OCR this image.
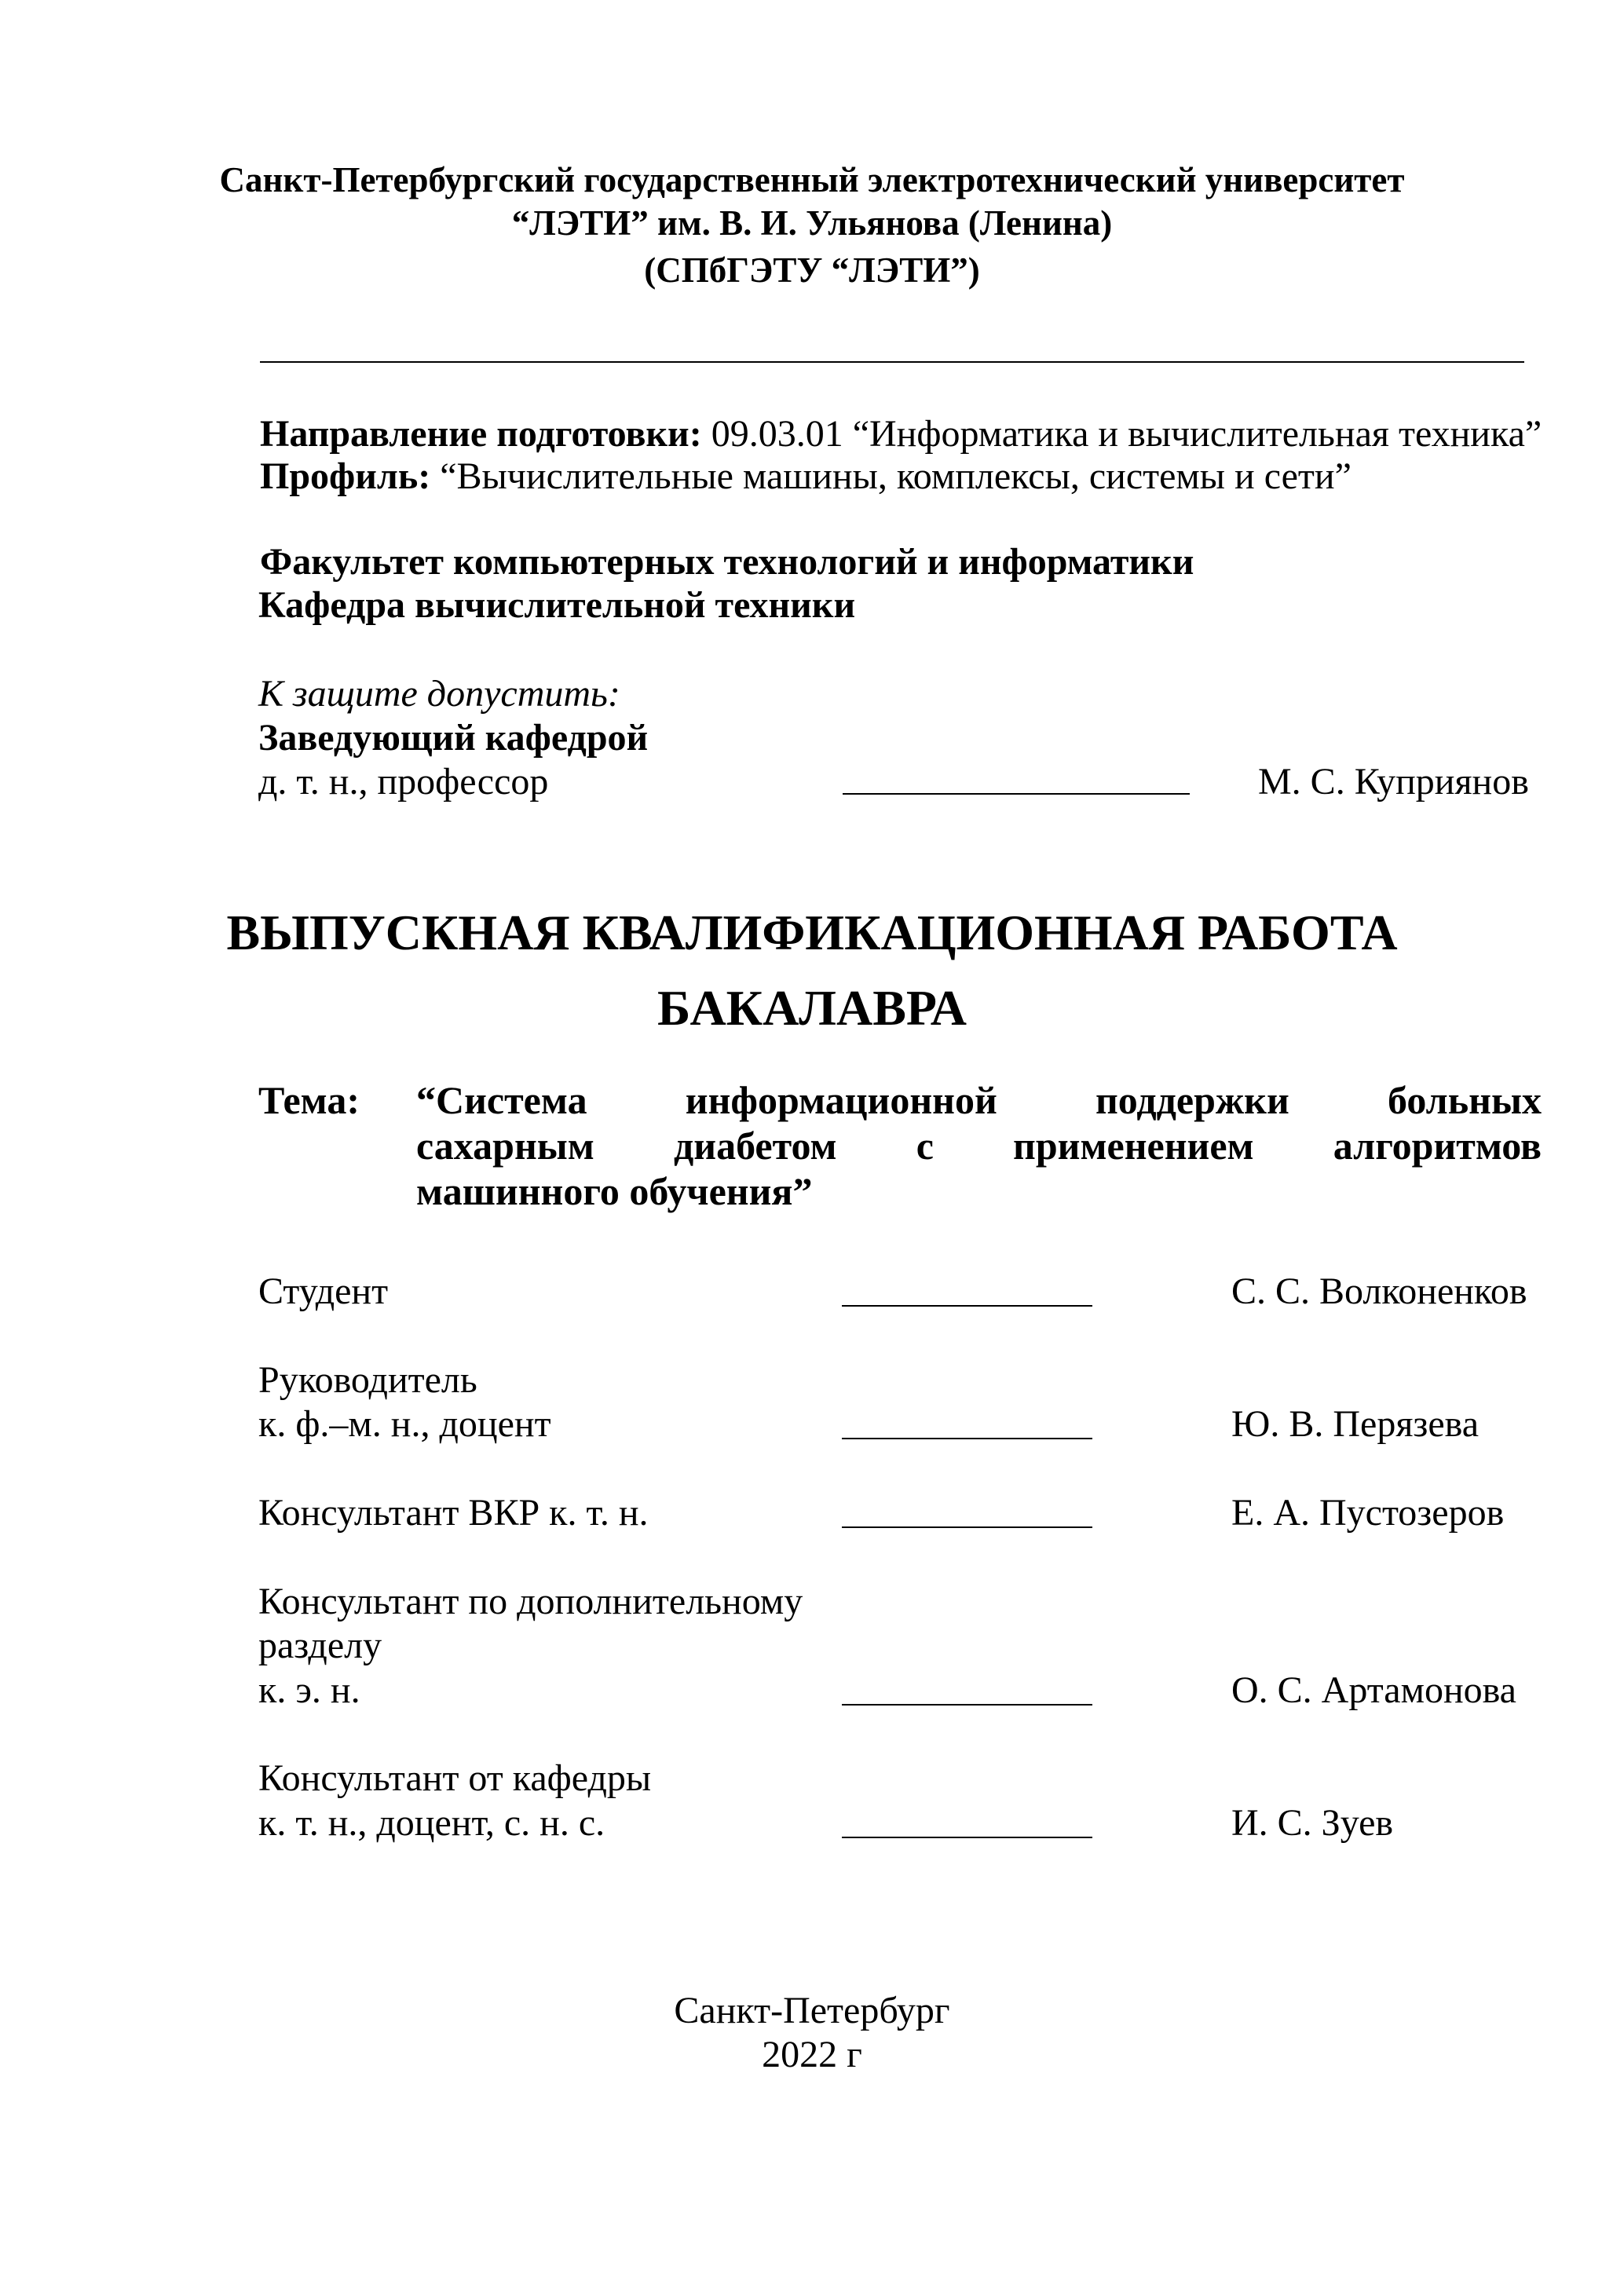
Санкт-Петербургский государственный электротехнический университет
“ЛЭТИ” им. В. И. Ульянова (Ленина)
(СПбГЭТУ “ЛЭТИ”)
Направление подготовки: 09.03.01 “Информатика и вычислительная техника”
Профиль: “Вычислительные машины, комплексы, системы и сети”
Факультет компьютерных технологий и информатики
Кафедра вычислительной техники
К защите допустить:
Заведующий кафедрой
д. т. н., профессор	М. С. Куприянов
ВЫПУСКНАЯ КВАЛИФИКАЦИОННАЯ РАБОТА
БАКАЛАВРА
Тема: “Система информационной поддержки больных
сахарным диабетом с применением алгоритмов
машинного обучения”
Студент	С. С. Волконенков
Руководитель
к. ф.–м. н., доцент	Ю. В. Перязева
Консультант ВКР к. т. н.	Е. А. Пустозеров
Консультант по дополнительному
разделу
к. э. н.	О. С. Артамонова
Консультант от кафедры
к. т. н., доцент, с. н. с.	И. С. Зуев
Санкт-Петербург
2022 г
